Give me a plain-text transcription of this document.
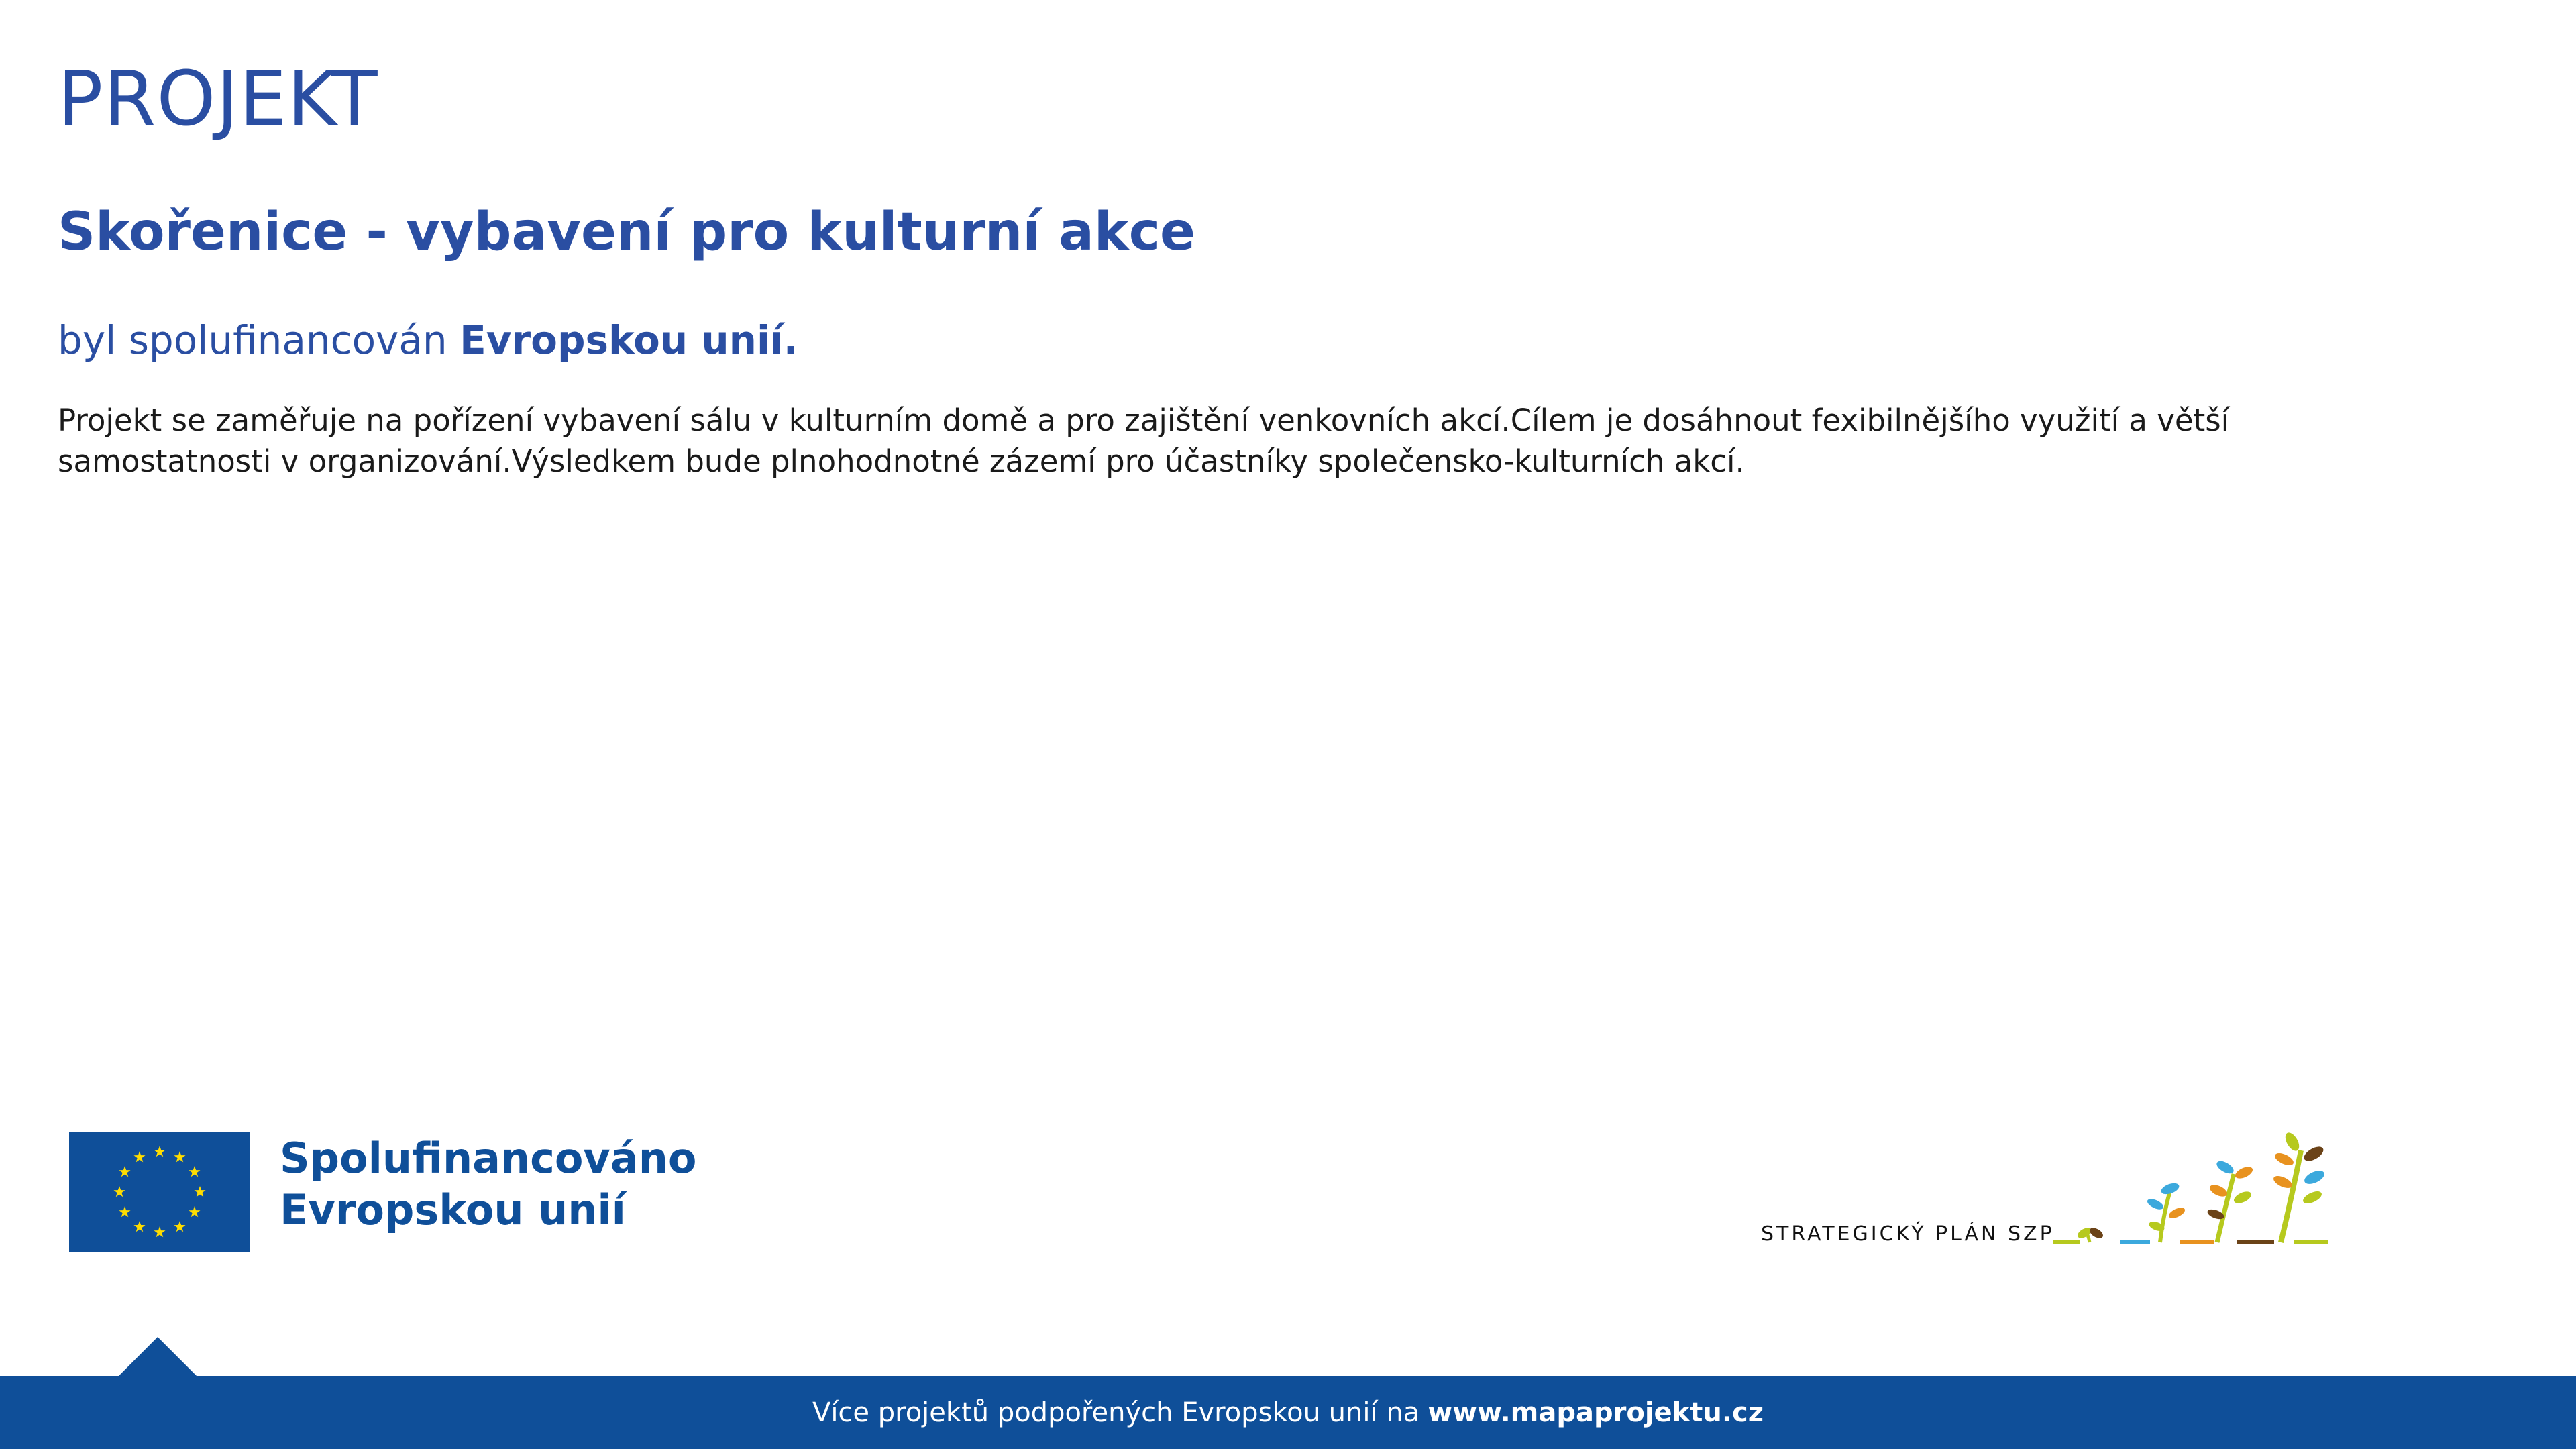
PROJEKT
Skořenice - vybavení pro kulturní akce

byl spolufinancován Evropskou unií.

Projekt se zaměřuje na pořízení vybavení sálu v kulturním domě a pro zajištění venkovních akcí.Cílem je dosáhnout fexibilnějšího využití a větší samostatnosti v organizování.Výsledkem bude plnohodnotné zázemí pro účastníky společensko-kulturních akcí.

Spolufinancováno
Evropskou unií	STRATEGICKÝ PLÁN SZP
Více projektů podpořených Evropskou unií na www.mapaprojektu.cz
